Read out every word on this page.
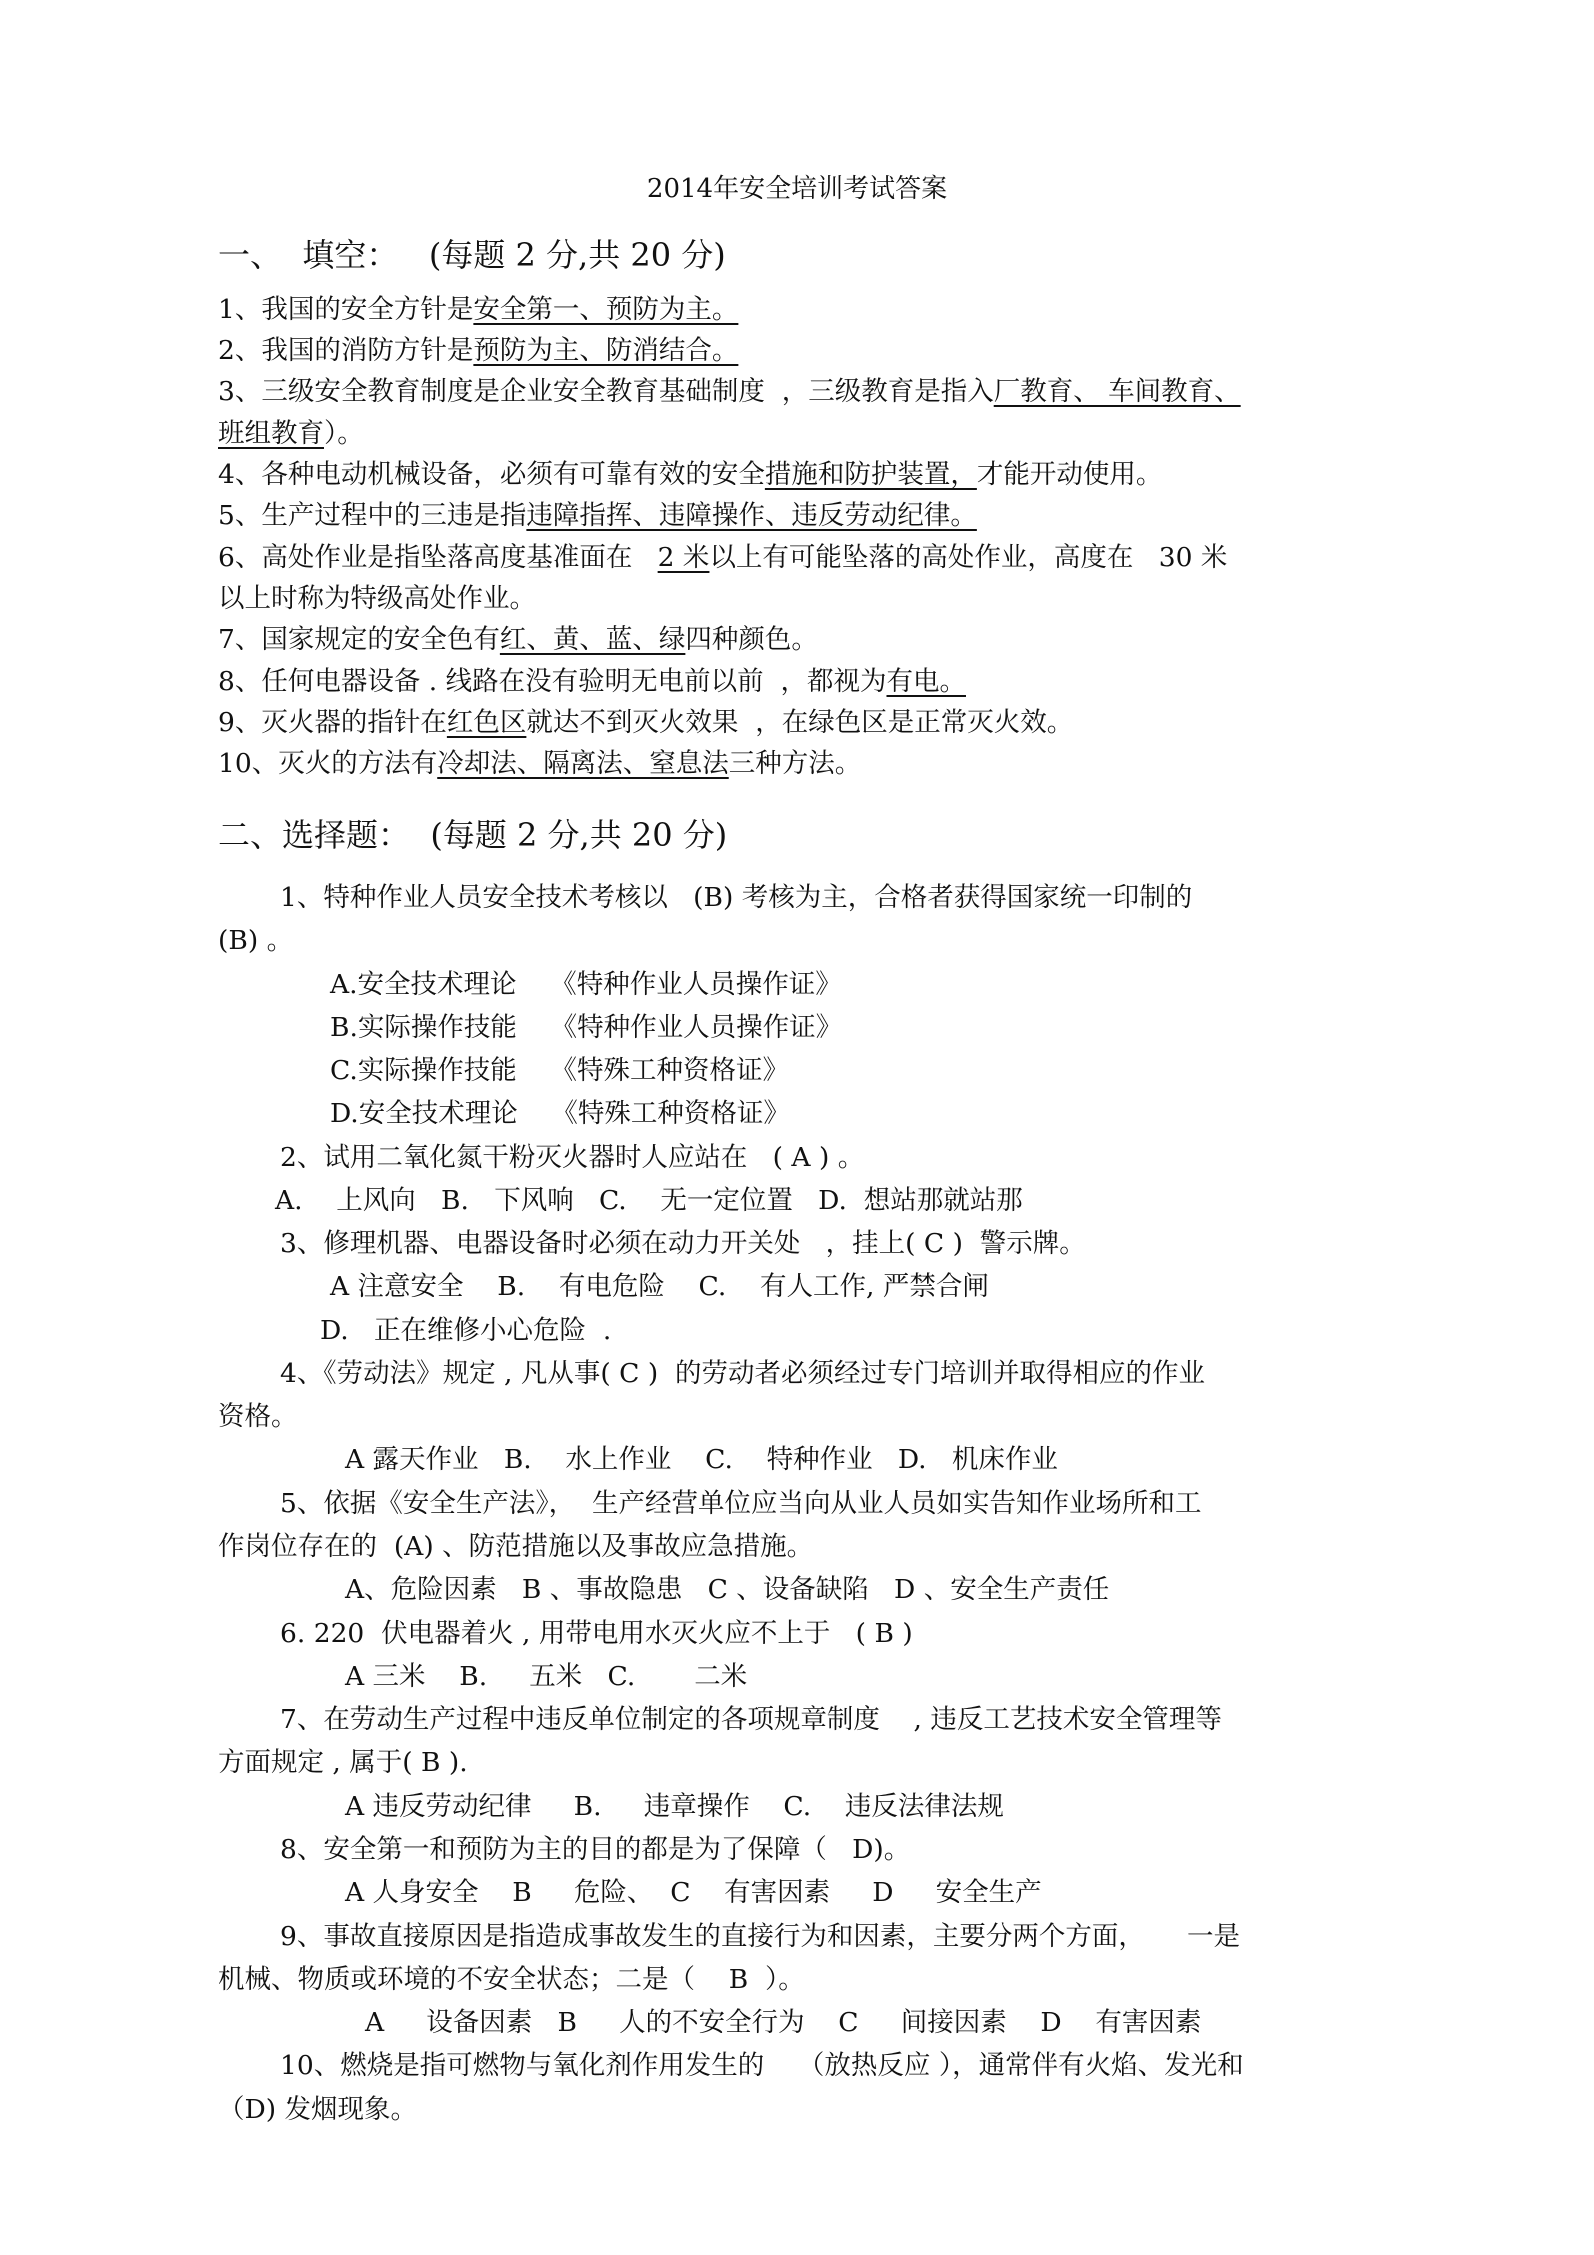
2014年安全培训考试答案
一、  填空：   (每题 2 分,共 20 分)
1、我国的安全方针是安全第一、预防为主。
2、我国的消防方针是预防为主、防消结合。
3、三级安全教育制度是企业安全教育基础制度  ，三级教育是指入厂教育、 车间教育、
班组教育）。
4、各种电动机械设备，必须有可靠有效的安全措施和防护装置，才能开动使用。
5、生产过程中的三违是指违障指挥、违障操作、违反劳动纪律。
6、高处作业是指坠落高度基准面在   2 米以上有可能坠落的高处作业，高度在   30 米
以上时称为特级高处作业。
7、国家规定的安全色有红、黄、蓝、绿四种颜色。
8、任何电器设备 . 线路在没有验明无电前以前  ，都视为有电。
9、灭火器的指针在红色区就达不到灭火效果  ，在绿色区是正常灭火效。
10、灭火的方法有冷却法、隔离法、窒息法三种方法。
二、选择题：  (每题 2 分,共 20 分)
1、特种作业人员安全技术考核以   (B) 考核为主，合格者获得国家统一印制的
(B) 。
A.安全技术理论    《特种作业人员操作证》
B.实际操作技能    《特种作业人员操作证》
C.实际操作技能    《特殊工种资格证》
D.安全技术理论    《特殊工种资格证》
2、试用二氧化氮干粉灭火器时人应站在   ( A ) 。
A.    上风向   B.   下风响   C.    无一定位置   D.  想站那就站那
3、修理机器、电器设备时必须在动力开关处   ，挂上( C )  警示牌。
A 注意安全    B.    有电危险    C.    有人工作, 严禁合闸
D.   正在维修小心危险  .
4、《劳动法》规定 , 凡从事( C )  的劳动者必须经过专门培训并取得相应的作业
资格。
A 露天作业   B.    水上作业    C.    特种作业   D.   机床作业
5、依据《安全生产法》，  生产经营单位应当向从业人员如实告知作业场所和工
作岗位存在的  (A) 、防范措施以及事故应急措施。
A、危险因素   B 、事故隐患   C 、设备缺陷   D 、安全生产责任
6. 220  伏电器着火 , 用带电用水灭火应不上于   ( B )
A 三米    B.     五米   C.       二米
7、在劳动生产过程中违反单位制定的各项规章制度    , 违反工艺技术安全管理等
方面规定 , 属于( B ).
A 违反劳动纪律     B.     违章操作    C.    违反法律法规
8、安全第一和预防为主的目的都是为了保障（   D)。
A 人身安全    B     危险、  C    有害因素     D     安全生产
9、事故直接原因是指造成事故发生的直接行为和因素，主要分两个方面，     一是
机械、物质或环境的不安全状态；二是（    B  ）。
A     设备因素   B     人的不安全行为    C     间接因素    D    有害因素
10、燃烧是指可燃物与氧化剂作用发生的    （放热反应 ），通常伴有火焰、发光和
（D) 发烟现象。
